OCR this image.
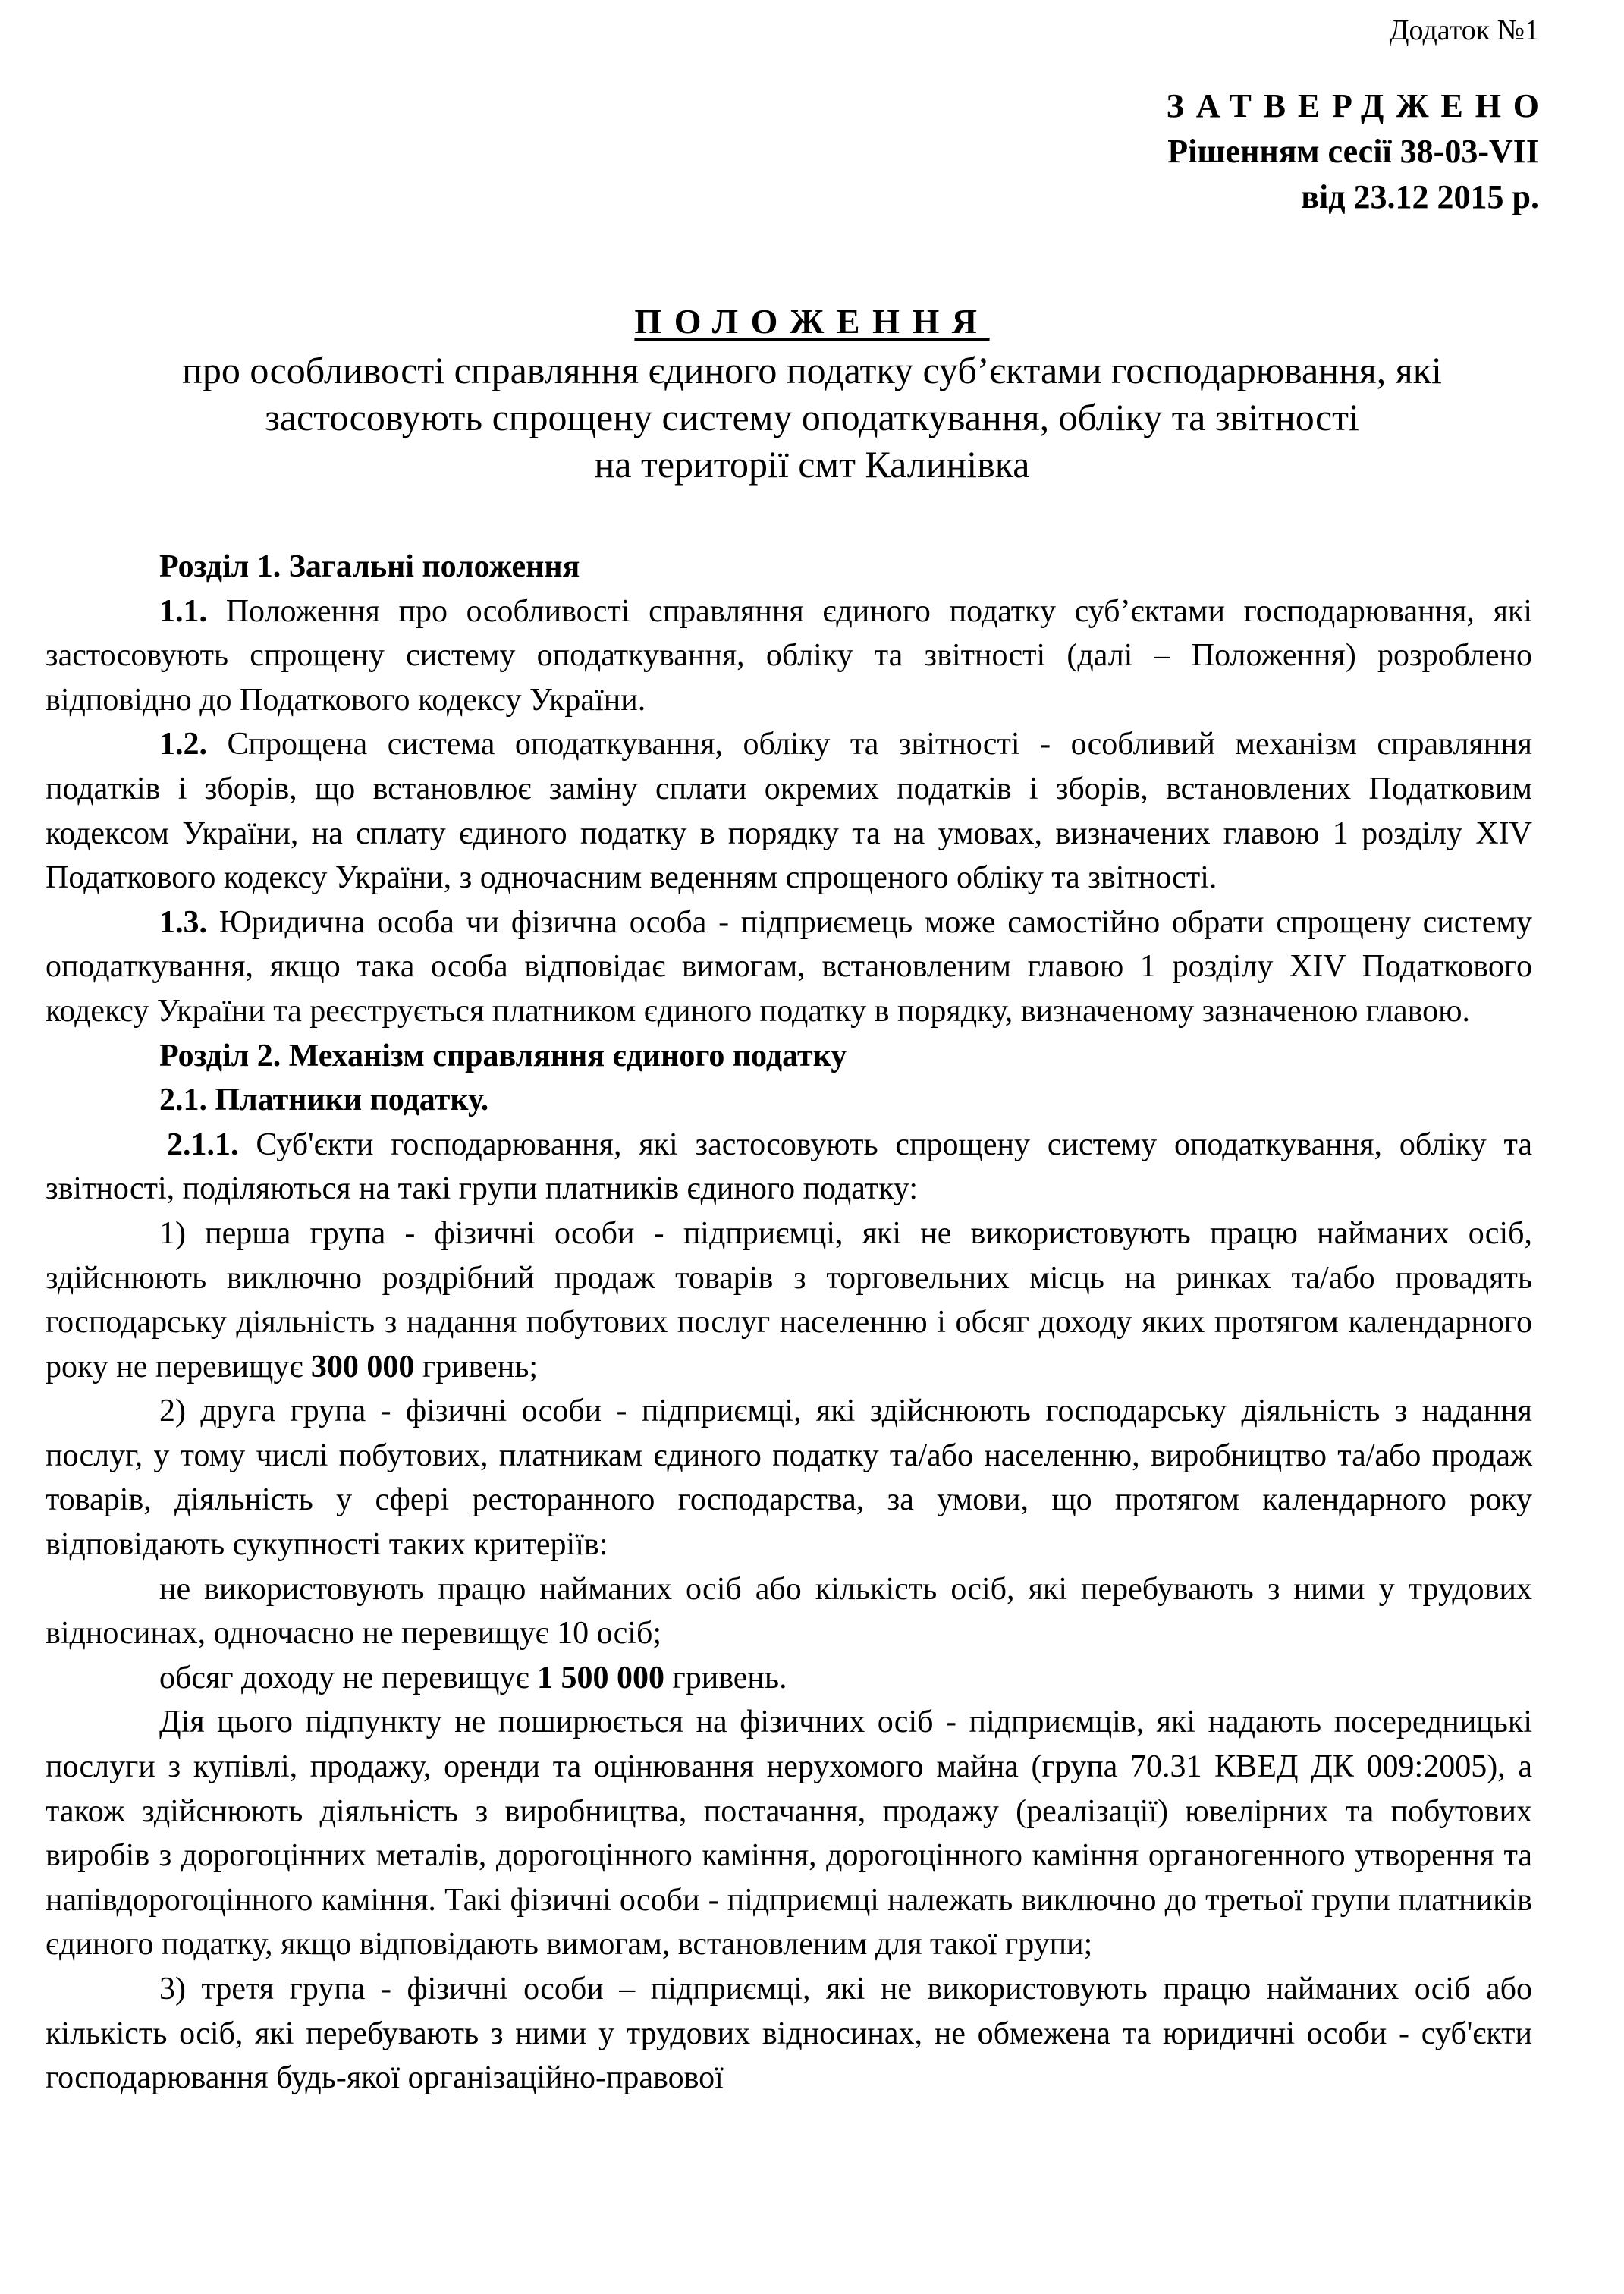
Додаток №1
ЗАТВЕРДЖЕНО
Рішенням сесії 38-03-VII
від 23.12 2015 р.
ПОЛОЖЕННЯ
про особливості справляння єдиного податку суб’єктами господарювання, які
застосовують спрощену систему оподаткування, обліку та звітності
на території смт Калинівка

Розділ 1. Загальні положення

1.1. Положення про особливості справляння єдиного податку суб’єктами господарювання, які застосовують спрощену систему оподаткування, обліку та звітності (далі – Положення) розроблено відповідно до Податкового кодексу України.

1.2. Спрощена система оподаткування, обліку та звітності - особливий механізм справляння податків і зборів, що встановлює заміну сплати окремих податків і зборів, встановлених Податковим кодексом України, на сплату єдиного податку в порядку та на умовах, визначених главою 1 розділу XIV Податкового кодексу України, з одночасним веденням спрощеного обліку та звітності.

1.3. Юридична особа чи фізична особа - підприємець може самостійно обрати спрощену систему оподаткування, якщо така особа відповідає вимогам, встановленим главою 1 розділу XIV Податкового кодексу України та реєструється платником єдиного податку в порядку, визначеному зазначеною главою.

Розділ 2. Механізм справляння єдиного податку

2.1. Платники податку.

2.1.1. Суб'єкти господарювання, які застосовують спрощену систему оподаткування, обліку та звітності, поділяються на такі групи платників єдиного податку:

1) перша група - фізичні особи - підприємці, які не використовують працю найманих осіб, здійснюють виключно роздрібний продаж товарів з торговельних місць на ринках та/або провадять господарську діяльність з надання побутових послуг населенню і обсяг доходу яких протягом календарного року не перевищує 300 000 гривень;

2) друга група - фізичні особи - підприємці, які здійснюють господарську діяльність з надання послуг, у тому числі побутових, платникам єдиного податку та/або населенню, виробництво та/або продаж товарів, діяльність у сфері ресторанного господарства, за умови, що протягом календарного року відповідають сукупності таких критеріїв:

не використовують працю найманих осіб або кількість осіб, які перебувають з ними у трудових відносинах, одночасно не перевищує 10 осіб;

обсяг доходу не перевищує 1 500 000 гривень.

Дія цього підпункту не поширюється на фізичних осіб - підприємців, які надають посередницькі послуги з купівлі, продажу, оренди та оцінювання нерухомого майна (група 70.31 КВЕД ДК 009:2005), а також здійснюють діяльність з виробництва, постачання, продажу (реалізації) ювелірних та побутових виробів з дорогоцінних металів, дорогоцінного каміння, дорогоцінного каміння органогенного утворення та напівдорогоцінного каміння. Такі фізичні особи - підприємці належать виключно до третьої групи платників єдиного податку, якщо відповідають вимогам, встановленим для такої групи;

3) третя група - фізичні особи – підприємці, які не використовують працю найманих осіб або кількість осіб, які перебувають з ними у трудових відносинах, не обмежена та юридичні особи - суб'єкти господарювання будь-якої організаційно-правової
